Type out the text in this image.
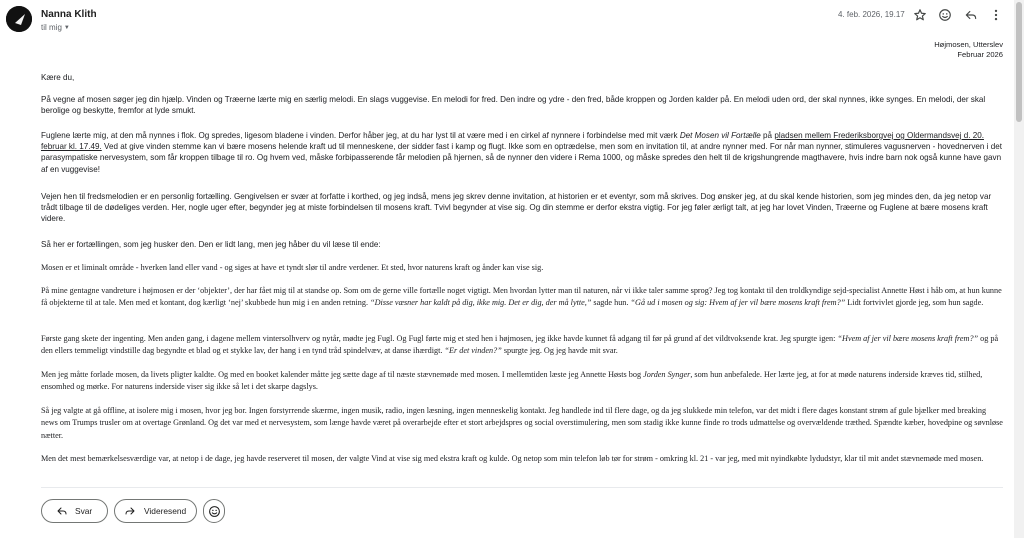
Nanna Klith
til mig ▼
4. feb. 2026, 19.17
Højmosen, Utterslev
Februar 2026
Kære du,
På vegne af mosen søger jeg din hjælp. Vinden og Træerne lærte mig en særlig melodi. En slags vuggevise. En melodi for fred. Den indre og ydre - den fred, både kroppen og Jorden kalder på. En melodi uden ord, der skal nynnes, ikke synges. En melodi, der skal berolige og beskytte, fremfor at lyde smukt.
Fuglene lærte mig, at den må nynnes i flok. Og spredes, ligesom bladene i vinden. Derfor håber jeg, at du har lyst til at være med i en cirkel af nynnere i forbindelse med mit værk Det Mosen vil Fortælle på pladsen mellem Frederiksborgvej og Oldermandsvej d. 20. februar kl. 17.49. Ved at give vinden stemme kan vi bære mosens helende kraft ud til menneskene, der sidder fast i kamp og flugt. Ikke som en optrædelse, men som en invitation til, at andre nynner med. For når man nynner, stimuleres vagusnerven - hovednerven i det parasympatiske nervesystem, som får kroppen tilbage til ro. Og hvem ved, måske forbipasserende får melodien på hjernen, så de nynner den videre i Rema 1000, og måske spredes den helt til de krigshungrende magthavere, hvis indre barn nok også kunne have gavn af en vuggevise!
Vejen hen til fredsmelodien er en personlig fortælling. Gengivelsen er svær at forfatte i korthed, og jeg indså, mens jeg skrev denne invitation, at historien er et eventyr, som må skrives. Dog ønsker jeg, at du skal kende historien, som jeg mindes den, da jeg netop var trådt tilbage til de dødeliges verden. Her, nogle uger efter, begynder jeg at miste forbindelsen til mosens kraft. Tvivl begynder at vise sig. Og din stemme er derfor ekstra vigtig. For jeg føler ærligt talt, at jeg har lovet Vinden, Træerne og Fuglene at bære mosens kraft videre.
Så her er fortællingen, som jeg husker den. Den er lidt lang, men jeg håber du vil læse til ende:
Mosen er et liminalt område - hverken land eller vand - og siges at have et tyndt slør til andre verdener. Et sted, hvor naturens kraft og ånder kan vise sig.
På mine gentagne vandreture i højmosen er der ‘objekter’, der har fået mig til at standse op. Som om de gerne ville fortælle noget vigtigt. Men hvordan lytter man til naturen, når vi ikke taler samme sprog? Jeg tog kontakt til den troldkyndige sejd-specialist Annette Høst i håb om, at hun kunne få objekterne til at tale. Men med et kontant, dog kærligt ‘nej’ skubbede hun mig i en anden retning. “Disse væsner har kaldt på dig, ikke mig. Det er dig, der må lytte,” sagde hun. “Gå ud i mosen og sig: Hvem af jer vil bære mosens kraft frem?” Lidt fortvivlet gjorde jeg, som hun sagde.
Første gang skete der ingenting. Men anden gang, i dagene mellem vintersolhverv og nytår, mødte jeg Fugl. Og Fugl førte mig et sted hen i højmosen, jeg ikke havde kunnet få adgang til før på grund af det vildtvoksende krat. Jeg spurgte igen: “Hvem af jer vil bære mosens kraft frem?” og på den ellers temmeligt vindstille dag begyndte et blad og et stykke lav, der hang i en tynd tråd spindelvæv, at danse ihærdigt. “Er det vinden?” spurgte jeg. Og jeg havde mit svar.
Men jeg måtte forlade mosen, da livets pligter kaldte. Og med en booket kalender måtte jeg sætte dage af til næste stævnemøde med mosen. I mellemtiden læste jeg Annette Høsts bog Jorden Synger, som hun anbefalede. Her lærte jeg, at for at møde naturens inderside kræves tid, stilhed, ensomhed og mørke. For naturens inderside viser sig ikke så let i det skarpe dagslys.
Så jeg valgte at gå offline, at isolere mig i mosen, hvor jeg bor. Ingen forstyrrende skærme, ingen musik, radio, ingen læsning, ingen menneskelig kontakt. Jeg handlede ind til flere dage, og da jeg slukkede min telefon, var det midt i flere dages konstant strøm af gule bjælker med breaking news om Trumps trusler om at overtage Grønland. Og det var med et nervesystem, som længe havde været på overarbejde efter et stort arbejdspres og social overstimulering, men som stadig ikke kunne finde ro trods udmattelse og overvældende træthed. Spændte kæber, hovedpine og søvnløse nætter.
Men det mest bemærkelsesværdige var, at netop i de dage, jeg havde reserveret til mosen, der valgte Vind at vise sig med ekstra kraft og kulde. Og netop som min telefon løb tør for strøm - omkring kl. 21 - var jeg, med mit nyindkøbte lydudstyr, klar til mit andet stævnemøde med mosen.
Svar	Videresend
